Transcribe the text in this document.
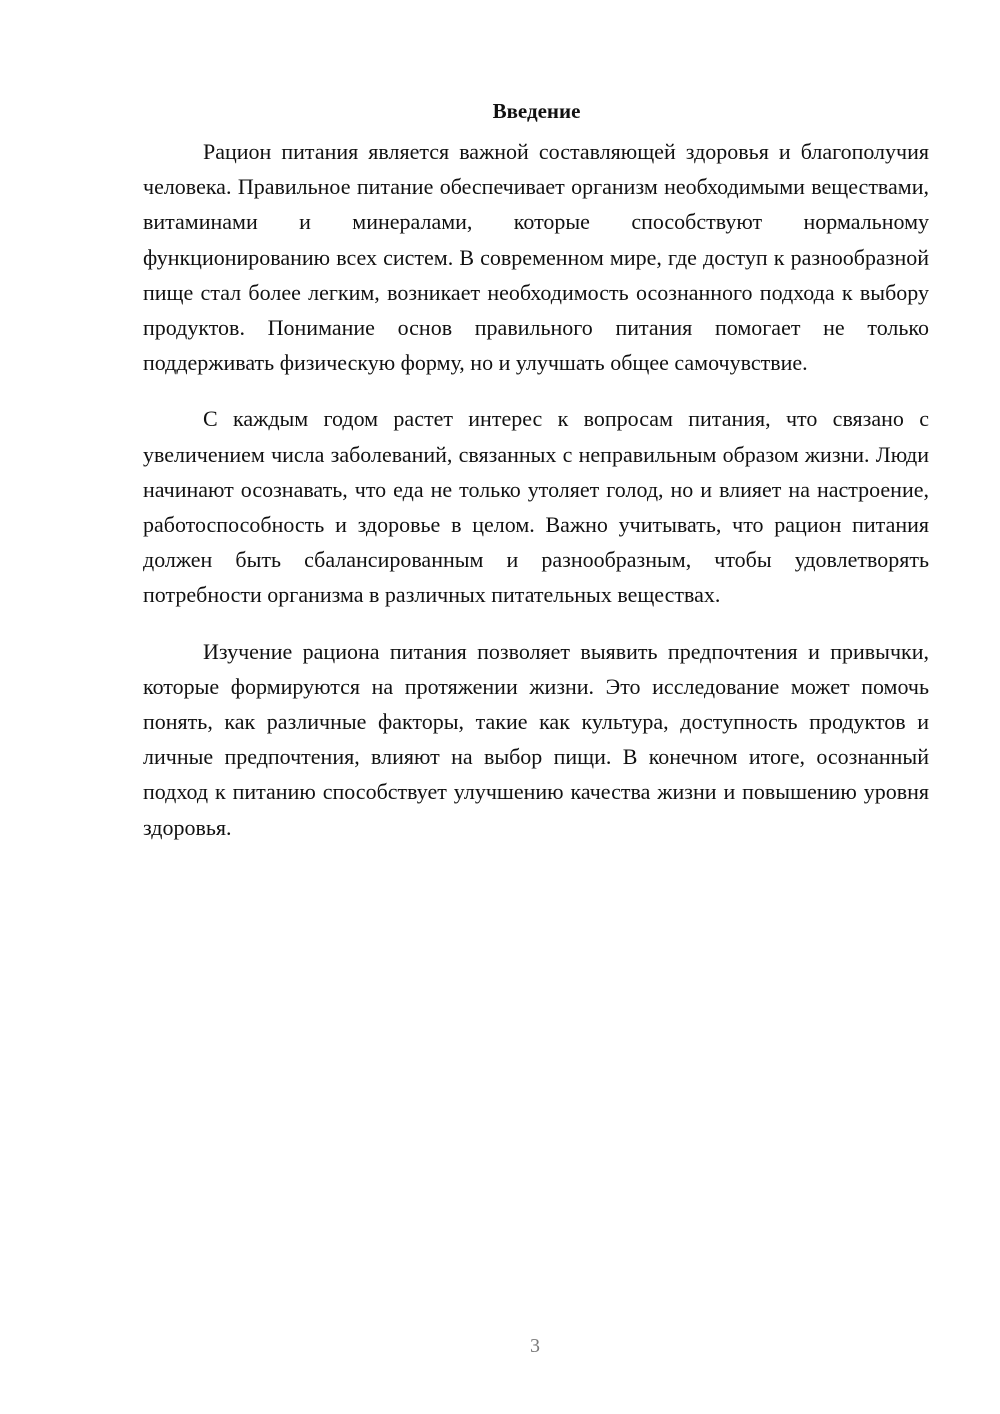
Введение

Рацион питания является важной составляющей здоровья и благополучия человека. Правильное питание обеспечивает организм необходимыми веществами, витаминами и минералами, которые способствуют нормальному функционированию всех систем. В современном мире, где доступ к разнообразной пище стал более легким, возникает необходимость осознанного подхода к выбору продуктов. Понимание основ правильного питания помогает не только поддерживать физическую форму, но и улучшать общее самочувствие.

С каждым годом растет интерес к вопросам питания, что связано с увеличением числа заболеваний, связанных с неправильным образом жизни. Люди начинают осознавать, что еда не только утоляет голод, но и влияет на настроение, работоспособность и здоровье в целом. Важно учитывать, что рацион питания должен быть сбалансированным и разнообразным, чтобы удовлетворять потребности организма в различных питательных веществах.

Изучение рациона питания позволяет выявить предпочтения и привычки, которые формируются на протяжении жизни. Это исследование может помочь понять, как различные факторы, такие как культура, доступность продуктов и личные предпочтения, влияют на выбор пищи. В конечном итоге, осознанный подход к питанию способствует улучшению качества жизни и повышению уровня здоровья.

3
